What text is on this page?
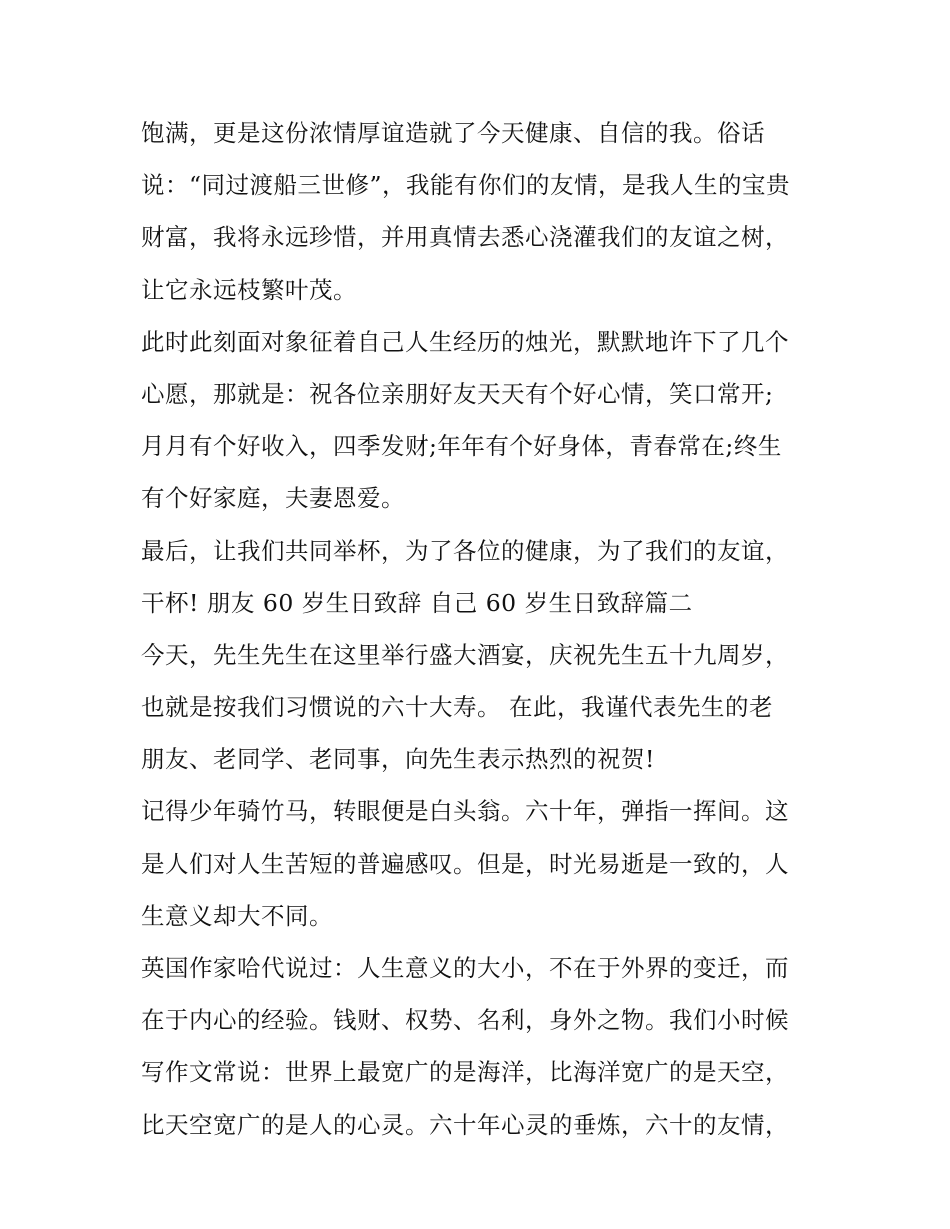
饱满，更是这份浓情厚谊造就了今天健康、自信的我。俗话
说：“同过渡船三世修”，我能有你们的友情，是我人生的宝贵
财富，我将永远珍惜，并用真情去悉心浇灌我们的友谊之树，
让它永远枝繁叶茂。
此时此刻面对象征着自己人生经历的烛光，默默地许下了几个
心愿，那就是：祝各位亲朋好友天天有个好心情，笑口常开;
月月有个好收入，四季发财;年年有个好身体，青春常在;终生
有个好家庭，夫妻恩爱。
最后，让我们共同举杯，为了各位的健康，为了我们的友谊，
干杯! 朋友 60 岁生日致辞 自己 60 岁生日致辞篇二
今天，先生先生在这里举行盛大酒宴，庆祝先生五十九周岁，
也就是按我们习惯说的六十大寿。 在此，我谨代表先生的老
朋友、老同学、老同事，向先生表示热烈的祝贺!
记得少年骑竹马，转眼便是白头翁。六十年，弹指一挥间。这
是人们对人生苦短的普遍感叹。但是，时光易逝是一致的，人
生意义却大不同。
英国作家哈代说过：人生意义的大小，不在于外界的变迁，而
在于内心的经验。钱财、权势、名利，身外之物。我们小时候
写作文常说：世界上最宽广的是海洋，比海洋宽广的是天空，
比天空宽广的是人的心灵。六十年心灵的垂炼，六十的友情，
